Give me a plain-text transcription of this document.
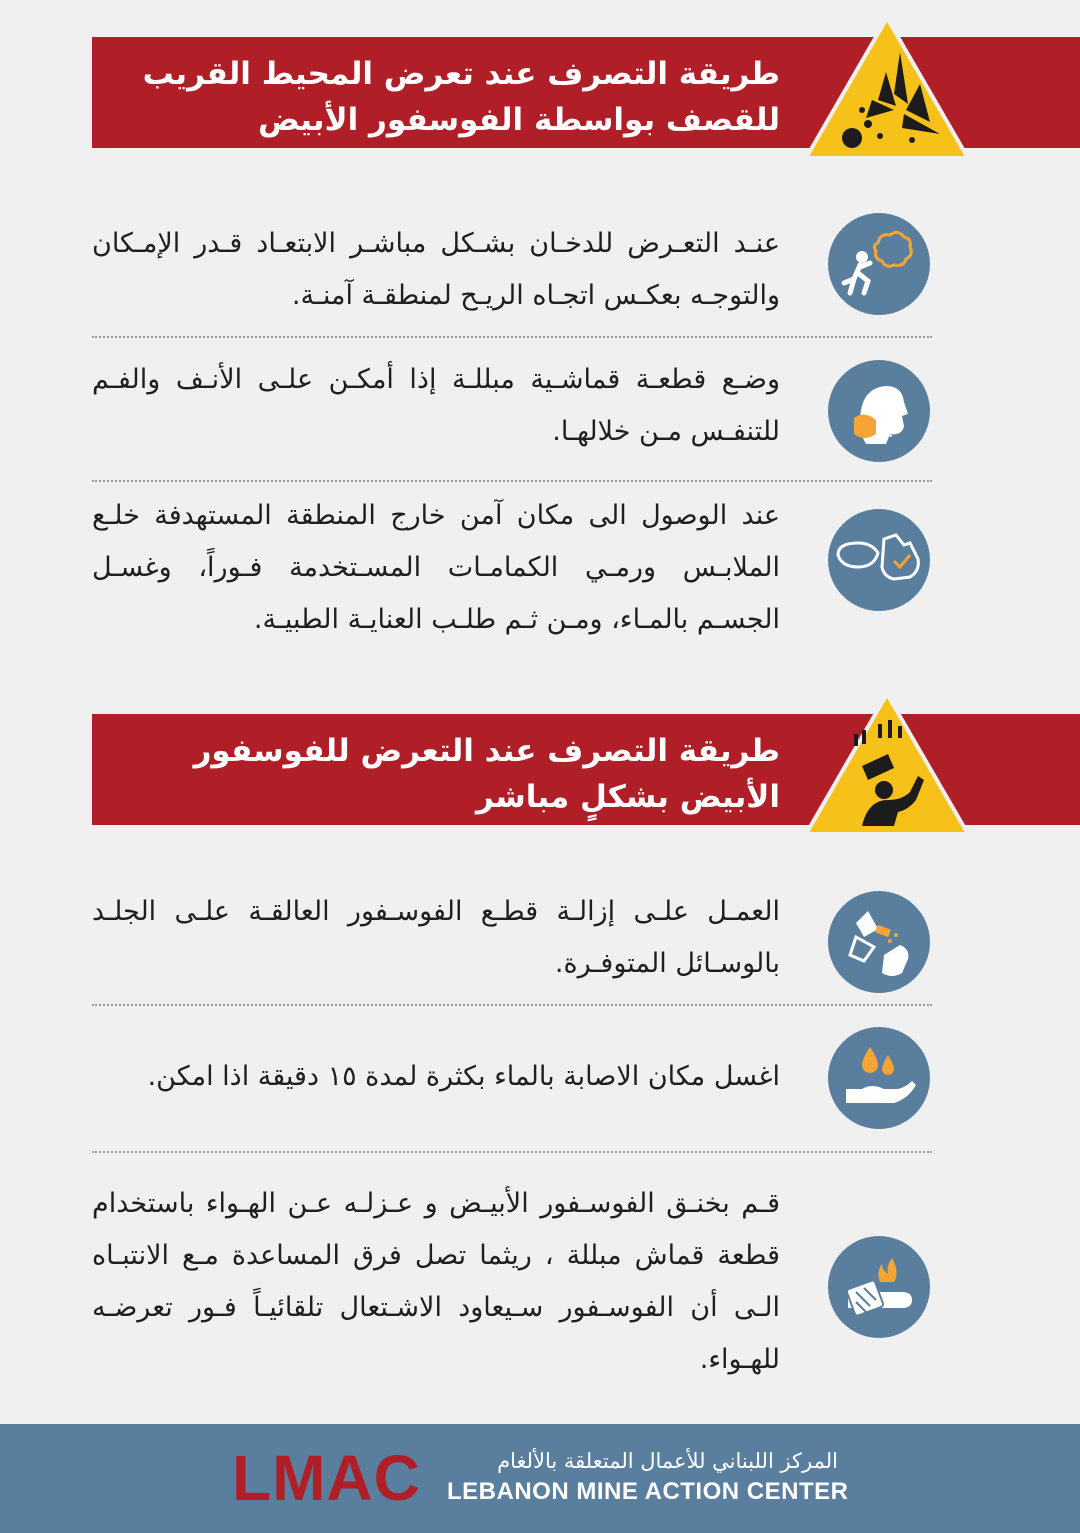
طريقة التصرف عند تعرض المحيط القريب
للقصف بواسطة الفوسفور الأبيض
عنـد التعـرض للدخـان بشـكل مباشـر الابتعـاد قـدر الإمـكان والتوجـه بعكـس اتجـاه الريـح لمنطقـة آمنـة.
وضـع قطعـة قماشـية مبللـة إذا أمكـن علـى الأنـف والفـم للتنفـس مـن خلالهـا.
عند الوصول الى مكان آمن خارج المنطقة المستهدفة خلـع الملابـس ورمـي الكمامـات المسـتخدمة فـوراً، وغسـل الجسـم بالمـاء، ومـن ثـم طلـب العنايـة الطبيـة.
طريقة التصرف عند التعرض للفوسفور
الأبيض بشكلٍ مباشر
العمـل علـى إزالـة قطـع الفوسـفور العالقـة علـى الجلـد بالوسـائل المتوفـرة.
اغسل مكان الاصابة بالماء بكثرة لمدة ١٥ دقيقة اذا امكن.
قـم بخنـق الفوسـفور الأبيـض و عـزلـه عـن الهـواء باستخدام قطعة قماش مبللة ، ريثما تصل فرق المساعدة مـع الانتبـاه الـى أن الفوسـفور سـيعاود الاشـتعال تلقائيـاً فـور تعرضـه للهـواء.
LMAC	المركز اللبناني للأعمال المتعلقة بالألغام
LEBANON MINE ACTION CENTER
